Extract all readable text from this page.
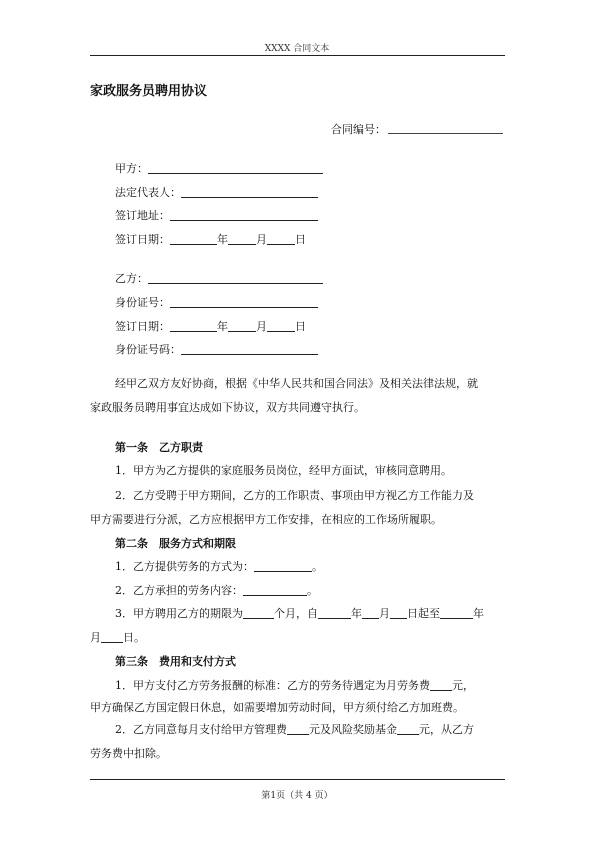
XXXX 合同文本
家政服务员聘用协议
合同编号：
甲方：
法定代表人：
签订地址：
签订日期：	年	月	日
乙方：
身份证号：
签订日期：	年	月	日
身份证号码：
经甲乙双方友好协商，根据《中华人民共和国合同法》及相关法律法规，就
家政服务员聘用事宜达成如下协议，双方共同遵守执行。
第一条　乙方职责
1．甲方为乙方提供的家庭服务员岗位，经甲方面试，审核同意聘用。
2．乙方受聘于甲方期间，乙方的工作职责、事项由甲方视乙方工作能力及
甲方需要进行分派，乙方应根据甲方工作安排，在相应的工作场所履职。
第二条　服务方式和期限
1．乙方提供劳务的方式为：	。
2．乙方承担的劳务内容：	。
3．甲方聘用乙方的期限为	个月，自	年 月 日起至	年
月 日。
第三条　费用和支付方式
1．甲方支付乙方劳务报酬的标准：乙方的劳务待遇定为月劳务费 元，
甲方确保乙方国定假日休息，如需要增加劳动时间，甲方须付给乙方加班费。
2．乙方同意每月支付给甲方管理费 元及风险奖励基金 元，从乙方
劳务费中扣除。
第1页（共 4 页）
